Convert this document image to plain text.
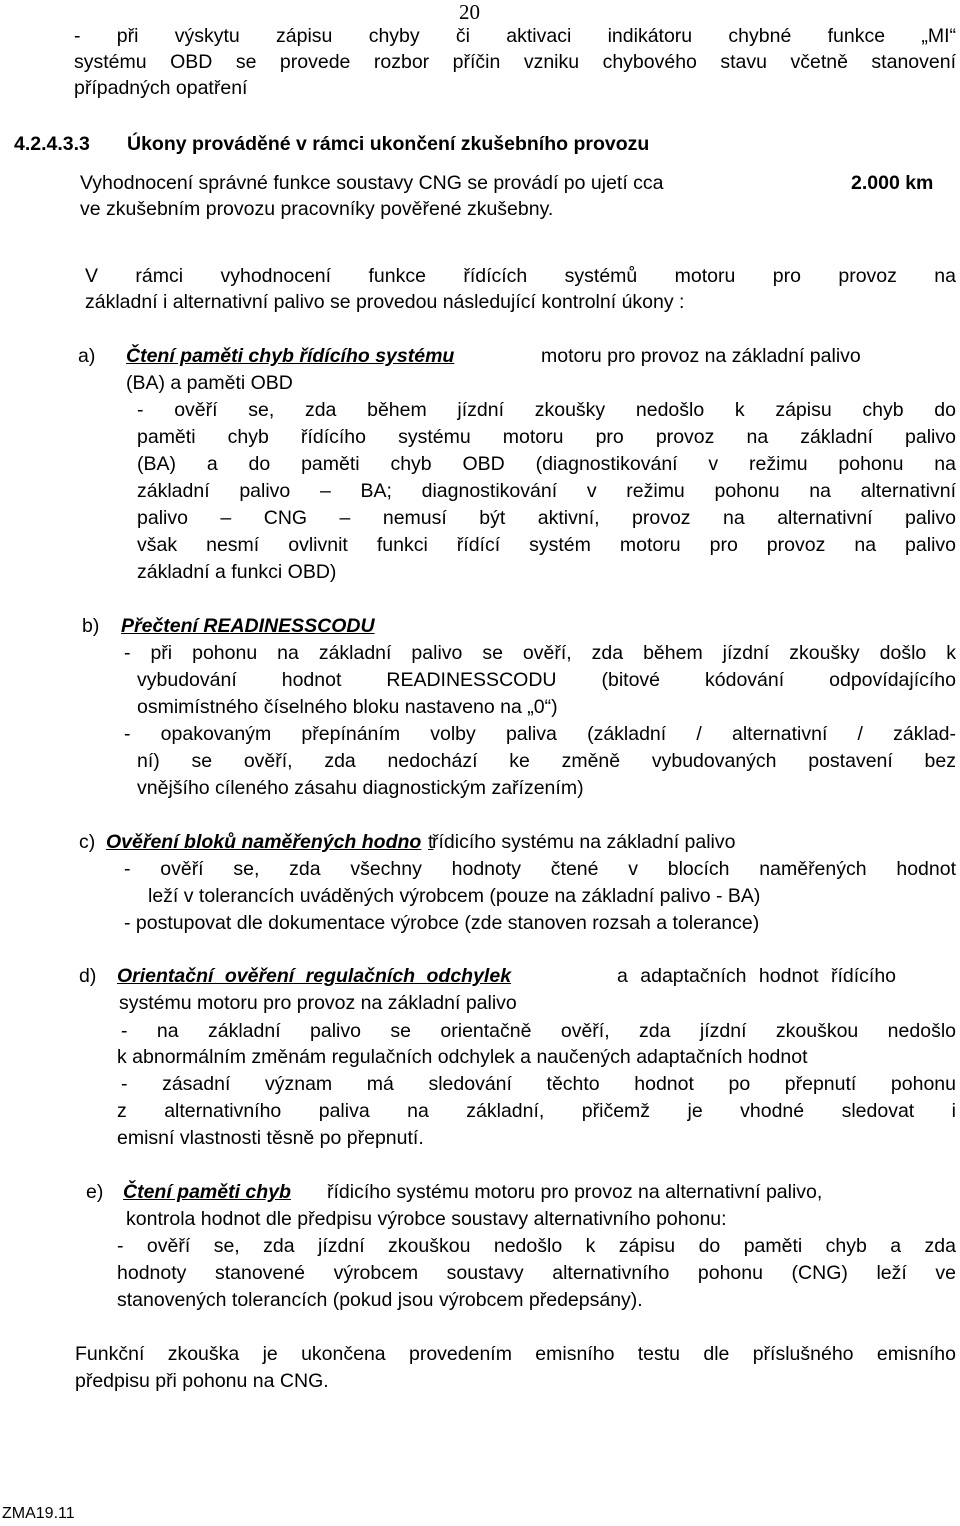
20
- při výskytu zápisu chyby či aktivaci indikátoru chybné funkce „MI“
systému OBD se provede rozbor příčin vzniku chybového stavu včetně stanovení
případných opatření
4.2.4.3.3 Úkony prováděné v rámci ukončení zkušebního provozu
Vyhodnocení správné funkce soustavy CNG se provádí po ujetí cca	2.000 km
ve zkušebním provozu pracovníky pověřené zkušebny.
V rámci vyhodnocení funkce řídících systémů motoru pro provoz na
základní i alternativní palivo se provedou následující kontrolní úkony :
a) Čtení paměti chyb řídícího systému	motoru pro provoz na základní palivo
(BA) a paměti OBD
- ověří se, zda během jízdní zkoušky nedošlo k zápisu chyb do
paměti chyb řídícího systému motoru pro provoz na základní palivo
(BA) a do paměti chyb OBD (diagnostikování v režimu pohonu na
základní palivo – BA; diagnostikování v režimu pohonu na alternativní
palivo – CNG – nemusí být aktivní, provoz na alternativní palivo
však nesmí ovlivnit funkci řídící systém motoru pro provoz na palivo
základní a funkci OBD)
b) Přečtení READINESSCODU
- při pohonu na základní palivo se ověří, zda během jízdní zkoušky došlo k
vybudování hodnot READINESSCODU (bitové kódování odpovídajícího
osmimístného číselného bloku nastaveno na „0“)
- opakovaným přepínáním volby paliva (základní / alternativní / základ-
ní) se ověří, zda nedochází ke změně vybudovaných postavení bez
vnějšího cíleného zásahu diagnostickým zařízením)
c) Ověření bloků naměřených hodno t
řídicího systému na základní palivo
- ověří se, zda všechny hodnoty čtené v blocích naměřených hodnot
leží v tolerancích uváděných výrobcem (pouze na základní palivo - BA)
- postupovat dle dokumentace výrobce (zde stanoven rozsah a tolerance)
d) Orientační ověření regulačních odchylek	a adaptačních hodnot řídícího
systému motoru pro provoz na základní palivo
- na základní palivo se orientačně ověří, zda jízdní zkouškou nedošlo
k abnormálním změnám regulačních odchylek a naučených adaptačních hodnot
- zásadní význam má sledování těchto hodnot po přepnutí pohonu
z alternativního paliva na základní, přičemž je vhodné sledovat i
emisní vlastnosti těsně po přepnutí.
e) Čtení paměti chyb řídicího systému motoru pro provoz na alternativní palivo,
kontrola hodnot dle předpisu výrobce soustavy alternativního pohonu:
- ověří se, zda jízdní zkouškou nedošlo k zápisu do paměti chyb a zda
hodnoty stanovené výrobcem soustavy alternativního pohonu (CNG) leží ve
stanovených tolerancích (pokud jsou výrobcem předepsány).
Funkční zkouška je ukončena provedením emisního testu dle příslušného emisního
předpisu při pohonu na CNG.
ZMA19.11
